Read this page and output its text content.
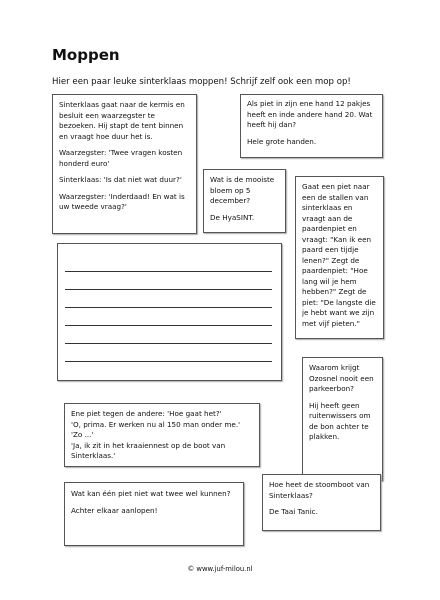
Moppen
Hier een paar leuke sinterklaas moppen! Schrijf zelf ook een mop op!

Sinterklaas gaat naar de kermis en besluit een waarzegster te bezoeken. Hij stapt de tent binnen en vraagt hoe duur het is.

Waarzegster: 'Twee vragen kosten honderd euro'

Sinterklaas: 'Is dat niet wat duur?'

Waarzegster: 'Inderdaad! En wat is uw tweede vraag?'

Als piet in zijn ene hand 12 pakjes heeft en inde andere hand 20. Wat heeft hij dan?

Hele grote handen.

Wat is de mooiste bloem op 5 december?

De HyaSINT.

Gaat een piet naar een de stallen van sinterklaas en vraagt aan de paardenpiet en vraagt: "Kan ik een paard een tijdje lenen?" Zegt de paardenpiet: "Hoe lang wil je hem hebben?" Zegt de piet: "De langste die je hebt want we zijn met vijf pieten."

Waarom krijgt Ozosnel nooit een parkeerbon?

Hij heeft geen ruitenwissers om de bon achter te plakken.

Ene piet tegen de andere: 'Hoe gaat het?'
'O, prima. Er werken nu al 150 man onder me.'
'Zo ...'
'Ja, ik zit in het kraaiennest op de boot van Sinterklaas.'

Wat kan één piet niet wat twee wel kunnen?

Achter elkaar aanlopen!

Hoe heet de stoomboot van Sinterklaas?

De Taai Tanic.

© www.juf-milou.nl
